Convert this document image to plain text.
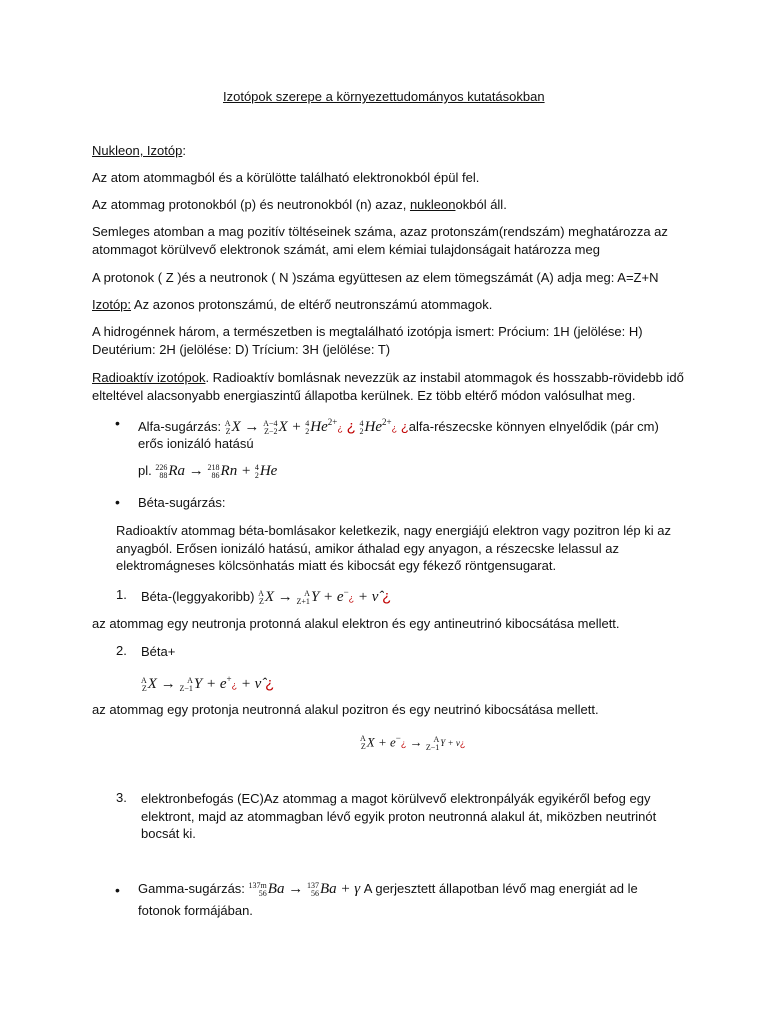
Izotópok szerepe a környezettudományos kutatásokban
Nukleon, Izotóp:
Az atom atommagból és a körülötte található elektronokból épül fel.
Az atommag protonokból (p) és neutronokból (n) azaz, nukleonokból áll.
Semleges atomban a mag pozitív töltéseinek száma, azaz protonszám(rendszám) meghatározza az
atommagot körülvevő elektronok számát, ami elem kémiai tulajdonságait határozza meg
A protonok ( Z )és a neutronok ( N )száma együttesen az elem tömegszámát (A) adja meg: A=Z+N
Izotóp: Az azonos protonszámú, de eltérő neutronszámú atommagok.
A hidrogénnek három, a természetben is megtalálható izotópja ismert: Prócium: 1H (jelölése: H)
Deutérium: 2H (jelölése: D) Trícium: 3H (jelölése: T)
Radioaktív izotópok. Radioaktív bomlásnak nevezzük az instabil atommagok és hosszabb-rövidebb idő
elteltével alacsonyabb energiaszintű állapotba kerülnek. Ez több eltérő módon valósulhat meg.
• Alfa-sugárzás: A
ZX → A−4
Z−2X + 4
$2He^{2+}¿$ ¿ 4
$2He^{2+}¿$ ¿alfa-részecske könnyen elnyelődik (pár cm)
erős ionizáló hatású
pl. 226
88Ra → 218
86Rn + 4
2He
• Béta-sugárzás:
Radioaktív atommag béta-bomlásakor keletkezik, nagy energiájú elektron vagy pozitron lép ki az
anyagból. Erősen ionizáló hatású, amikor áthalad egy anyagon, a részecske lelassul az
elektromágneses kölcsönhatás miatt és kibocsát egy fékező röntgensugarat.
1. Béta-(leggyakoribb) A
ZX → A
Z+1Y + e−¿ + ν̂ ¿
az atommag egy neutronja protonná alakul elektron és egy antineutrinó kibocsátása mellett.
2. Béta+
A
ZX → A
Z−1Y + e+¿ + ν̂ ¿
az atommag egy protonja neutronná alakul pozitron és egy neutrinó kibocsátása mellett.
A
ZX + e−¿ → A
Z−1Y + ν¿
3. elektronbefogás (EC)Az atommag a magot körülvevő elektronpályák egyikéről befog egy
elektront, majd az atommagban lévő egyik proton neutronná alakul át, miközben neutrinót
bocsát ki.
• Gamma-sugárzás: 137m
56Ba → 137
56Ba + γ A gerjesztett állapotban lévő mag energiát ad le
fotonok formájában.
